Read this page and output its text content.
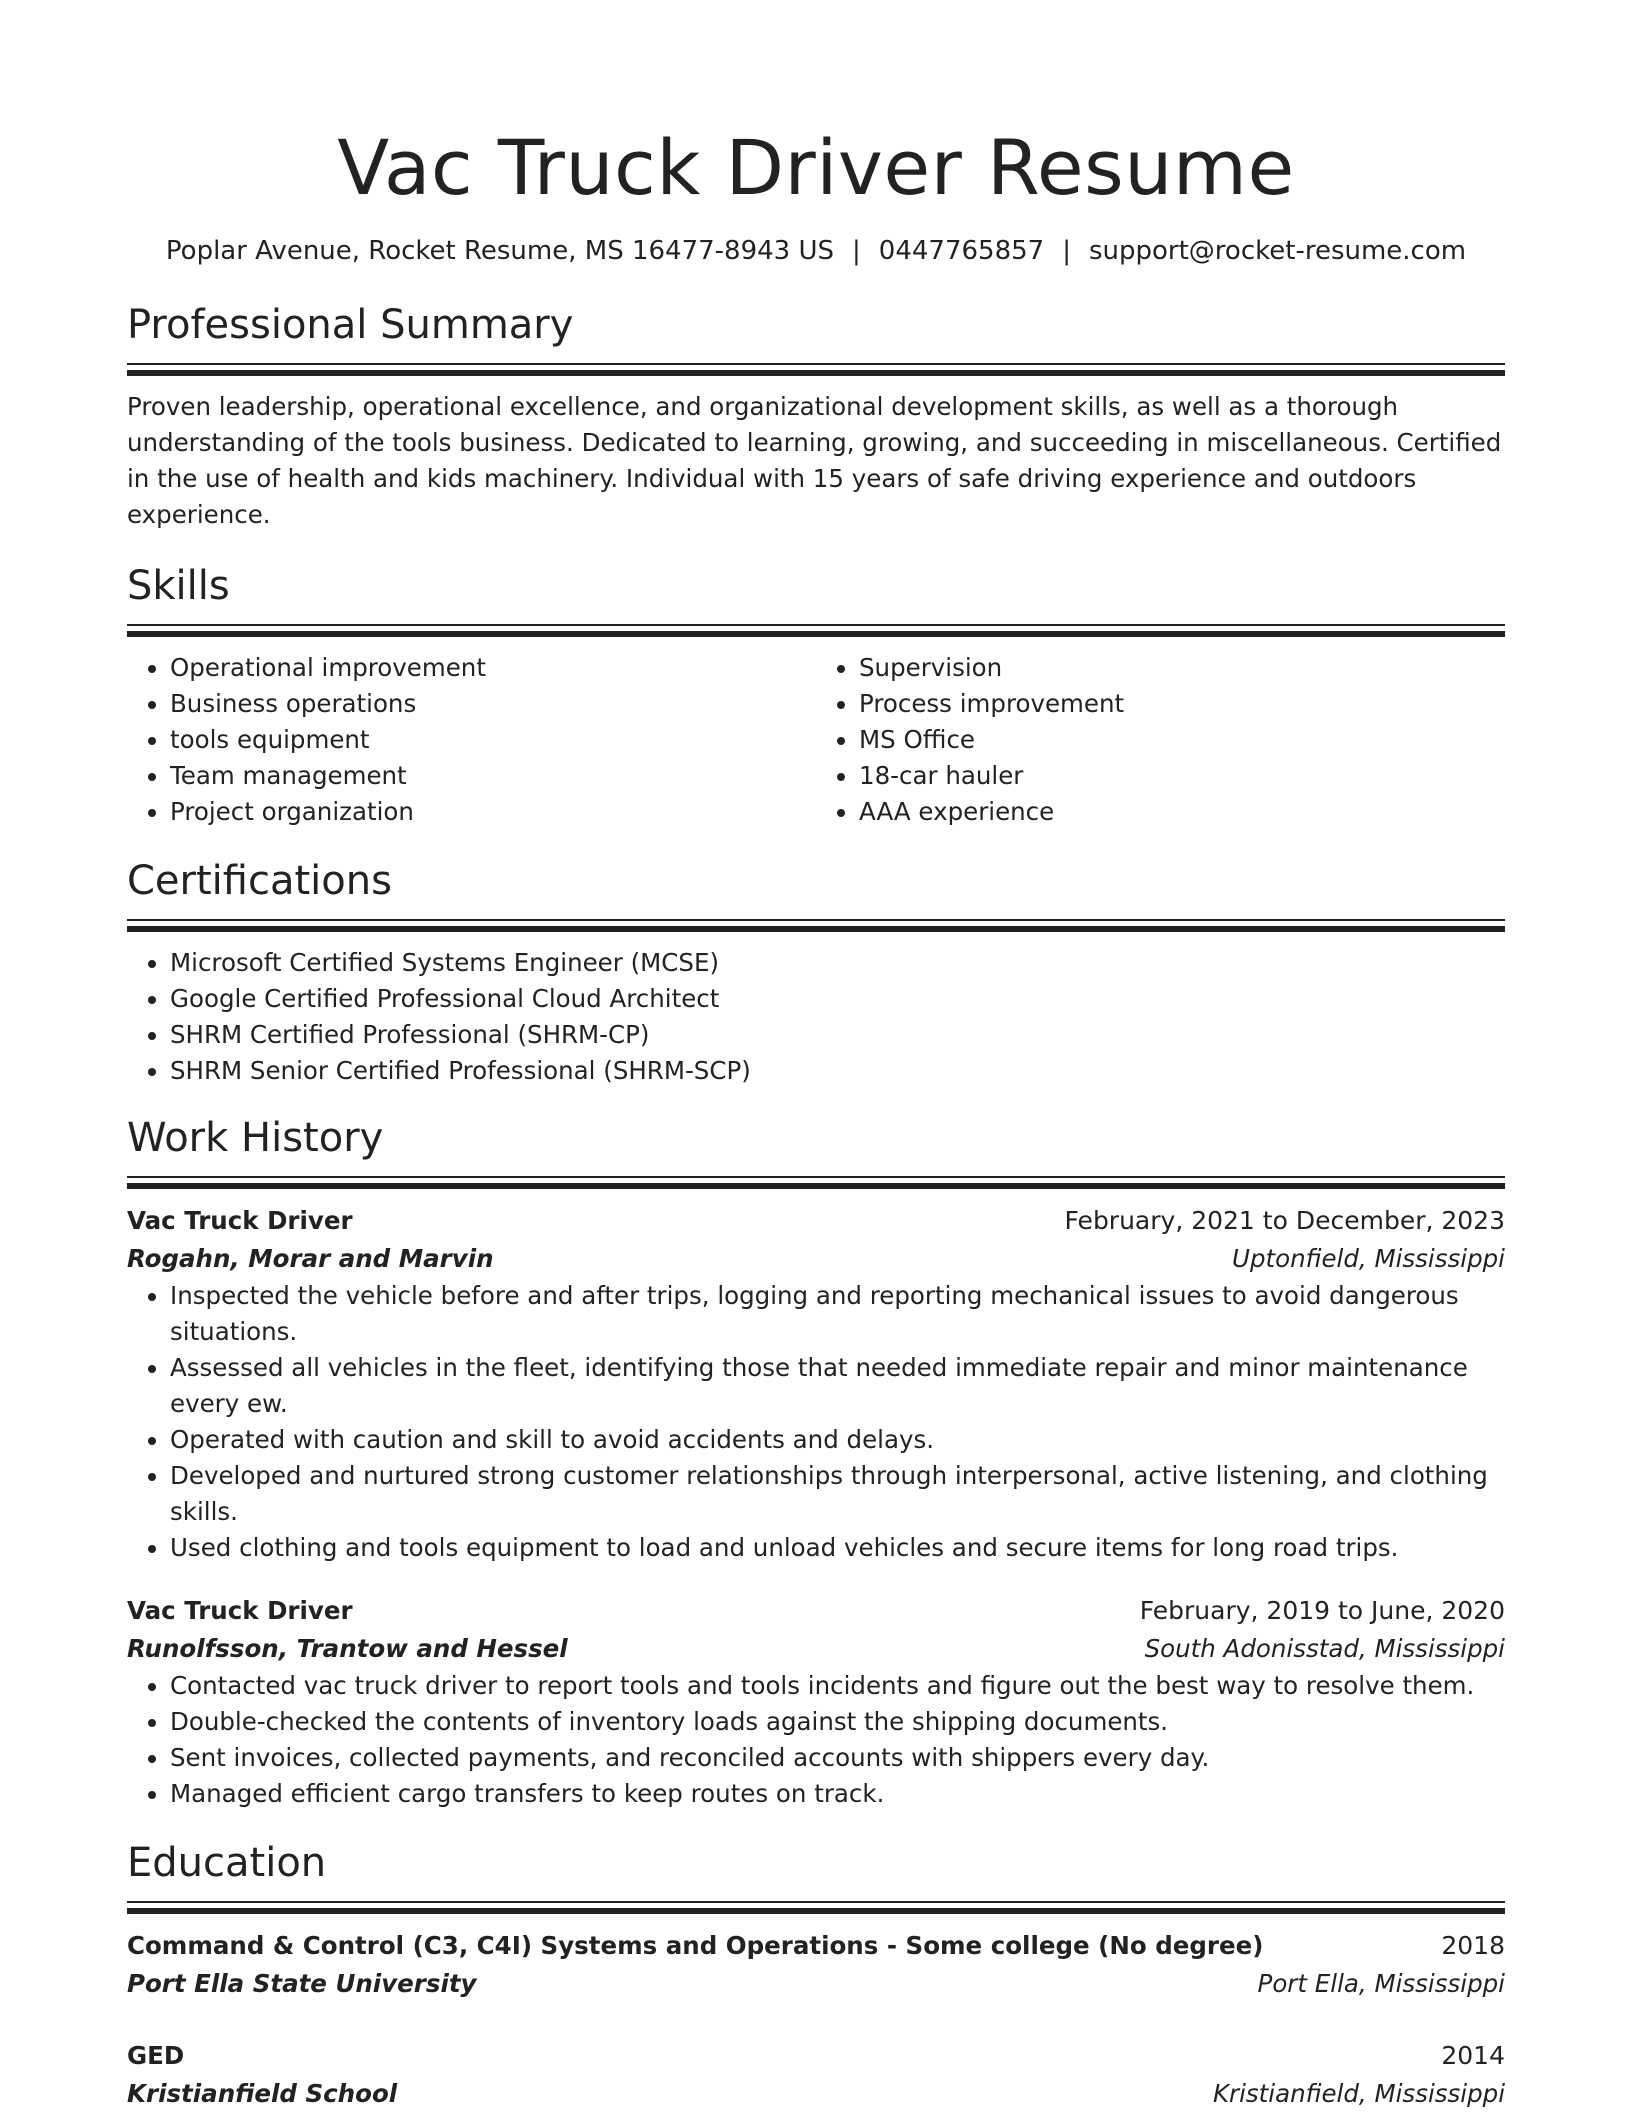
Vac Truck Driver Resume
Poplar Avenue, Rocket Resume, MS 16477-8943 US | 0447765857 | support@rocket-resume.com
Professional Summary

Proven leadership, operational excellence, and organizational development skills, as well as a thorough understanding of the tools business. Dedicated to learning, growing, and succeeding in miscellaneous. Certified in the use of health and kids machinery. Individual with 15 years of safe driving experience and outdoors experience.

Skills
• Operational improvement
• Business operations
• tools equipment
• Team management
• Project organization
• Supervision
• Process improvement
• MS Office
• 18-car hauler
• AAA experience
Certifications
• Microsoft Certified Systems Engineer (MCSE)
• Google Certified Professional Cloud Architect
• SHRM Certified Professional (SHRM-CP)
• SHRM Senior Certified Professional (SHRM-SCP)
Work History
Vac Truck Driver	February, 2021 to December, 2023
Rogahn, Morar and Marvin	Uptonfield, Mississippi
• Inspected the vehicle before and after trips, logging and reporting mechanical issues to avoid dangerous situations.
• Assessed all vehicles in the fleet, identifying those that needed immediate repair and minor maintenance every ew.
• Operated with caution and skill to avoid accidents and delays.
• Developed and nurtured strong customer relationships through interpersonal, active listening, and clothing skills.
• Used clothing and tools equipment to load and unload vehicles and secure items for long road trips.
Vac Truck Driver	February, 2019 to June, 2020
Runolfsson, Trantow and Hessel	South Adonisstad, Mississippi
• Contacted vac truck driver to report tools and tools incidents and figure out the best way to resolve them.
• Double-checked the contents of inventory loads against the shipping documents.
• Sent invoices, collected payments, and reconciled accounts with shippers every day.
• Managed efficient cargo transfers to keep routes on track.
Education
Command & Control (C3, C4I) Systems and Operations - Some college (No degree)	2018
Port Ella State University	Port Ella, Mississippi
GED	2014
Kristianfield School	Kristianfield, Mississippi
